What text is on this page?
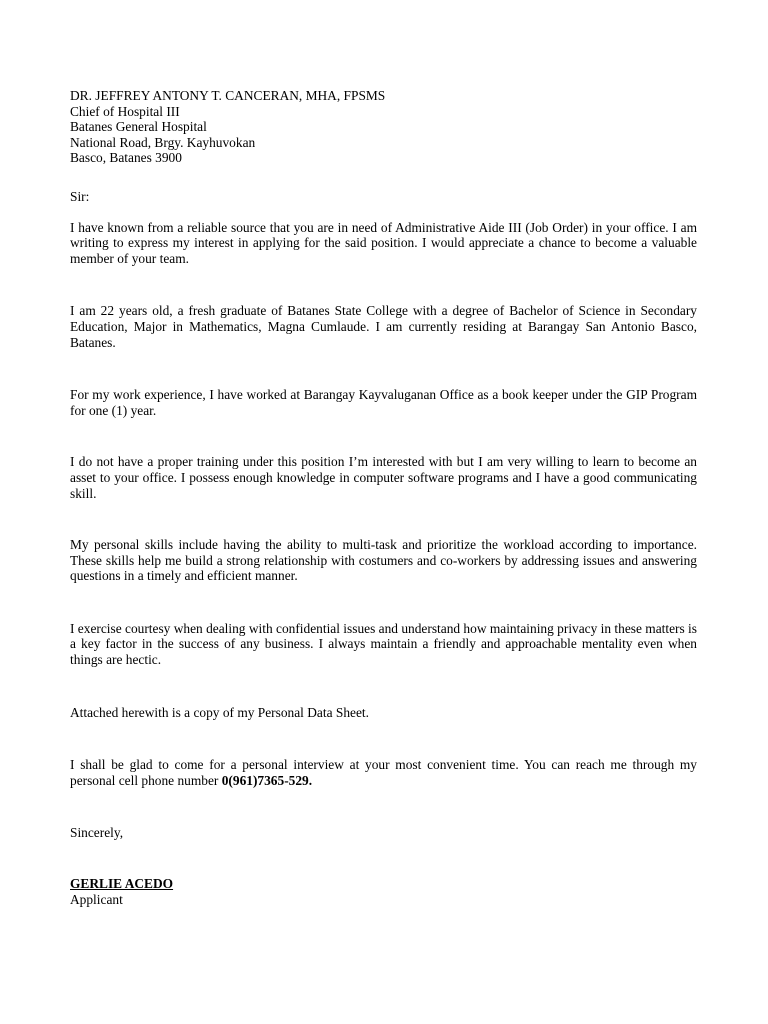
DR. JEFFREY ANTONY T. CANCERAN, MHA, FPSMS
Chief of Hospital III
Batanes General Hospital
National Road, Brgy. Kayhuvokan
Basco, Batanes 3900
Sir:

I have known from a reliable source that you are in need of Administrative Aide III (Job Order) in your office. I am writing to express my interest in applying for the said position. I would appreciate a chance to become a valuable member of your team.

I am 22 years old, a fresh graduate of Batanes State College with a degree of Bachelor of Science in Secondary Education, Major in Mathematics, Magna Cumlaude. I am currently residing at Barangay San Antonio Basco, Batanes.

For my work experience, I have worked at Barangay Kayvaluganan Office as a book keeper under the GIP Program for one (1) year.

I do not have a proper training under this position I’m interested with but I am very willing to learn to become an asset to your office. I possess enough knowledge in computer software programs and I have a good communicating skill.

My personal skills include having the ability to multi-task and prioritize the workload according to importance. These skills help me build a strong relationship with costumers and co-workers by addressing issues and answering questions in a timely and efficient manner.

I exercise courtesy when dealing with confidential issues and understand how maintaining privacy in these matters is a key factor in the success of any business. I always maintain a friendly and approachable mentality even when things are hectic.

Attached herewith is a copy of my Personal Data Sheet.

I shall be glad to come for a personal interview at your most convenient time. You can reach me through my personal cell phone number 0(961)7365-529.

Sincerely,
GERLIE ACEDO
Applicant
